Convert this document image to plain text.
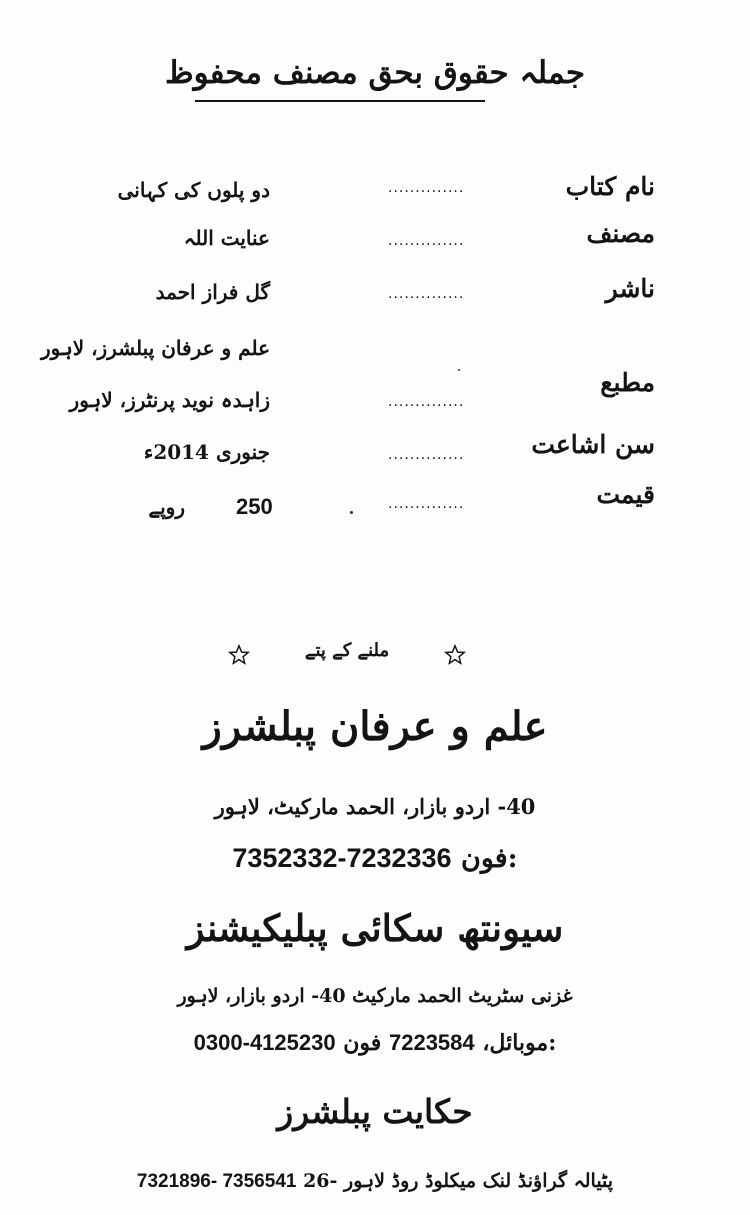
جملہ حقوق بحق مصنف محفوظ
نام کتاب
..............
دو پلوں کی کہانی
مصنف
..............
عنایت اللہ
ناشر
..............
گل فراز احمد
علم و عرفان پبلشرز، لاہور
مطبع
..............
زاہدہ نوید پرنٹرز، لاہور
سن اشاعت
..............
جنوری 2014ء
قیمت
..............
روپے 250
ملنے کے پتے
علم و عرفان پبلشرز
40- اردو بازار، الحمد مارکیٹ، لاہور
7352332-7232336 فون:
سیونتھ سکائی پبلیکیشنز
غزنی سٹریٹ الحمد مارکیٹ 40- اردو بازار، لاہور
0300-4125230	موبائل، 7223584 فون:
حکایت پبلشرز
7321896- 7356541 26- پٹیالہ گراؤنڈ لنک میکلوڈ روڈ لاہور
